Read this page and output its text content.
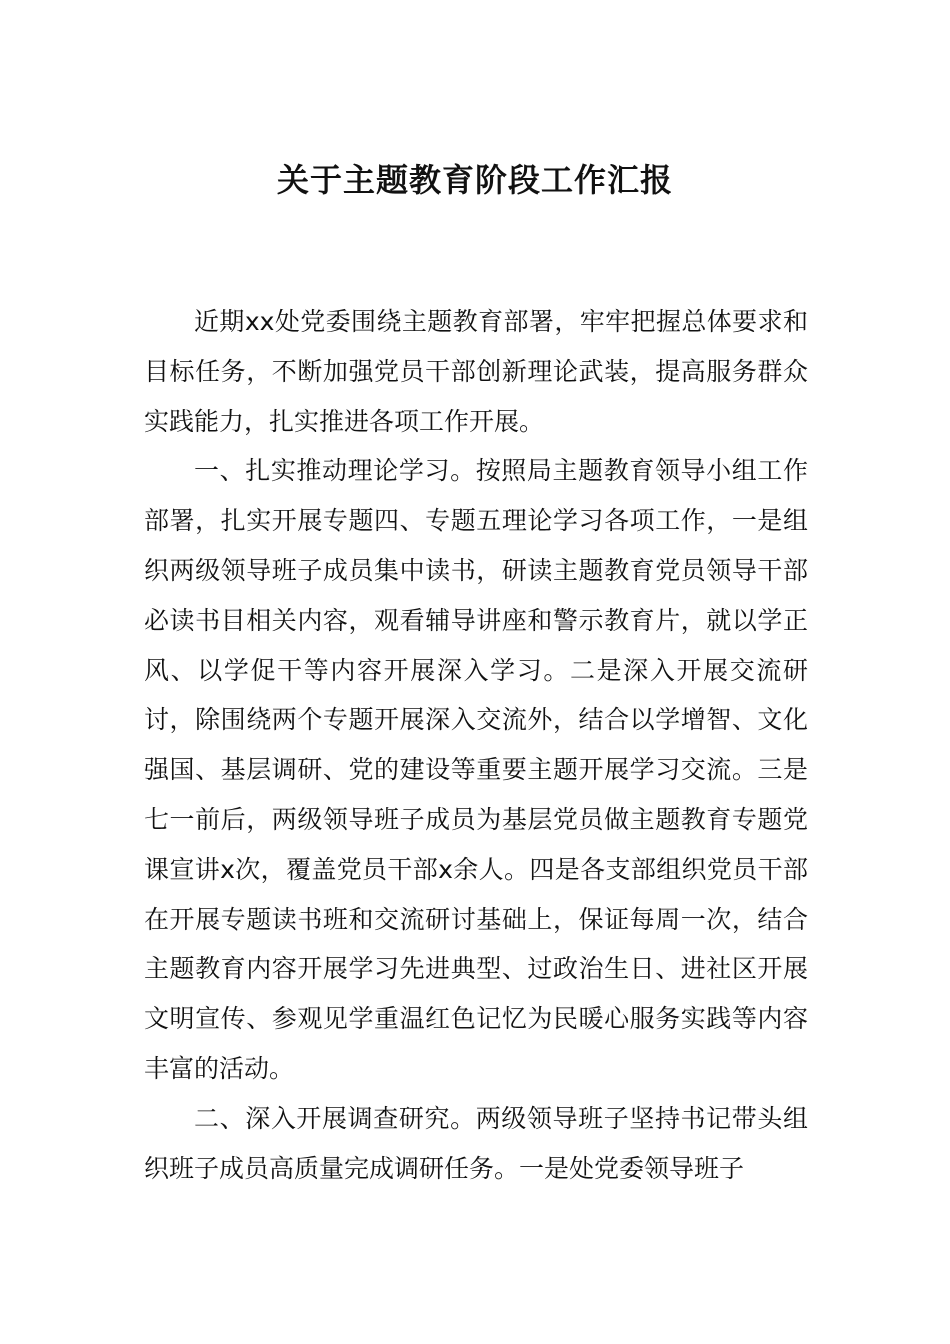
关于主题教育阶段工作汇报

近期xx处党委围绕主题教育部署，牢牢把握总体要求和目标任务，不断加强党员干部创新理论武装，提高服务群众实践能力，扎实推进各项工作开展。

一、扎实推动理论学习。按照局主题教育领导小组工作部署，扎实开展专题四、专题五理论学习各项工作，一是组织两级领导班子成员集中读书，研读主题教育党员领导干部必读书目相关内容，观看辅导讲座和警示教育片，就以学正风、以学促干等内容开展深入学习。二是深入开展交流研讨，除围绕两个专题开展深入交流外，结合以学增智、文化强国、基层调研、党的建设等重要主题开展学习交流。三是七一前后，两级领导班子成员为基层党员做主题教育专题党课宣讲x次，覆盖党员干部x余人。四是各支部组织党员干部在开展专题读书班和交流研讨基础上，保证每周一次，结合主题教育内容开展学习先进典型、过政治生日、进社区开展文明宣传、参观见学重温红色记忆为民暖心服务实践等内容丰富的活动。

二、深入开展调查研究。两级领导班子坚持书记带头组织班子成员高质量完成调研任务。一是处党委领导班子
